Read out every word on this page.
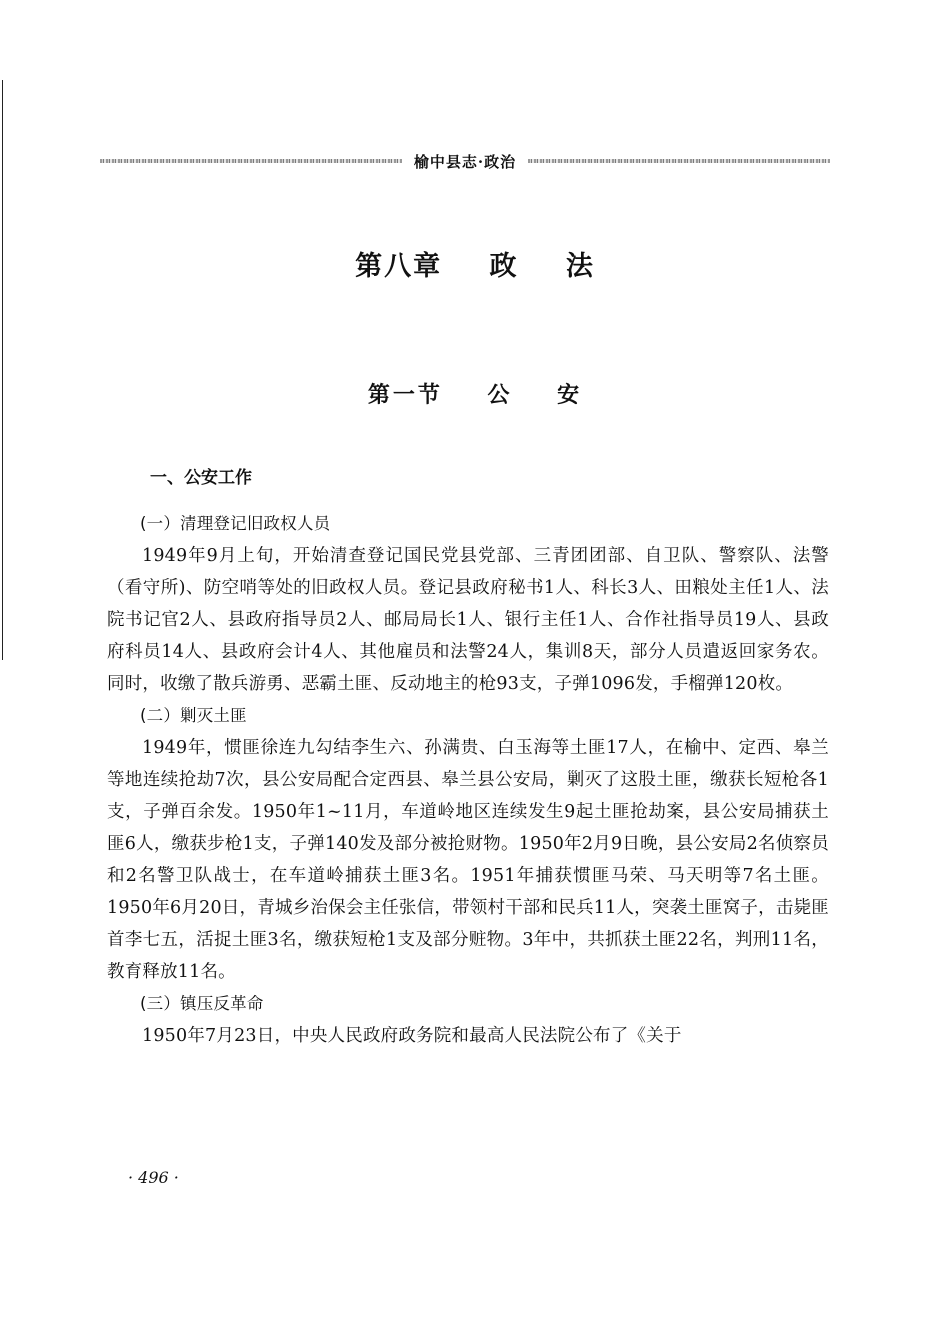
榆中县志·政治
第八章 政 法
第一节 公 安
一、公安工作

(一）清理登记旧政权人员

1949年9月上旬，开始清查登记国民党县党部、三青团团部、自卫队、警察队、法警（看守所)、防空哨等处的旧政权人员。登记县政府秘书1人、科长3人、田粮处主任1人、法院书记官2人、县政府指导员2人、邮局局长1人、银行主任1人、合作社指导员19人、县政府科员14人、县政府会计4人、其他雇员和法警24人，集训8天，部分人员遣返回家务农。同时，收缴了散兵游勇、恶霸土匪、反动地主的枪93支，子弹1096发，手榴弹120枚。

(二）剿灭土匪

1949年，惯匪徐连九勾结李生六、孙满贵、白玉海等土匪17人，在榆中、定西、皋兰等地连续抢劫7次，县公安局配合定西县、皋兰县公安局，剿灭了这股土匪，缴获长短枪各1支，子弹百余发。1950年1~11月，车道岭地区连续发生9起土匪抢劫案，县公安局捕获土匪6人，缴获步枪1支，子弹140发及部分被抢财物。1950年2月9日晚，县公安局2名侦察员和2名警卫队战士，在车道岭捕获土匪3名。1951年捕获惯匪马荣、马天明等7名土匪。1950年6月20日，青城乡治保会主任张信，带领村干部和民兵11人，突袭土匪窝子，击毙匪首李七五，活捉土匪3名，缴获短枪1支及部分赃物。3年中，共抓获土匪22名，判刑11名，教育释放11名。

(三）镇压反革命

1950年7月23日，中央人民政府政务院和最高人民法院公布了《关于

· 496 ·
